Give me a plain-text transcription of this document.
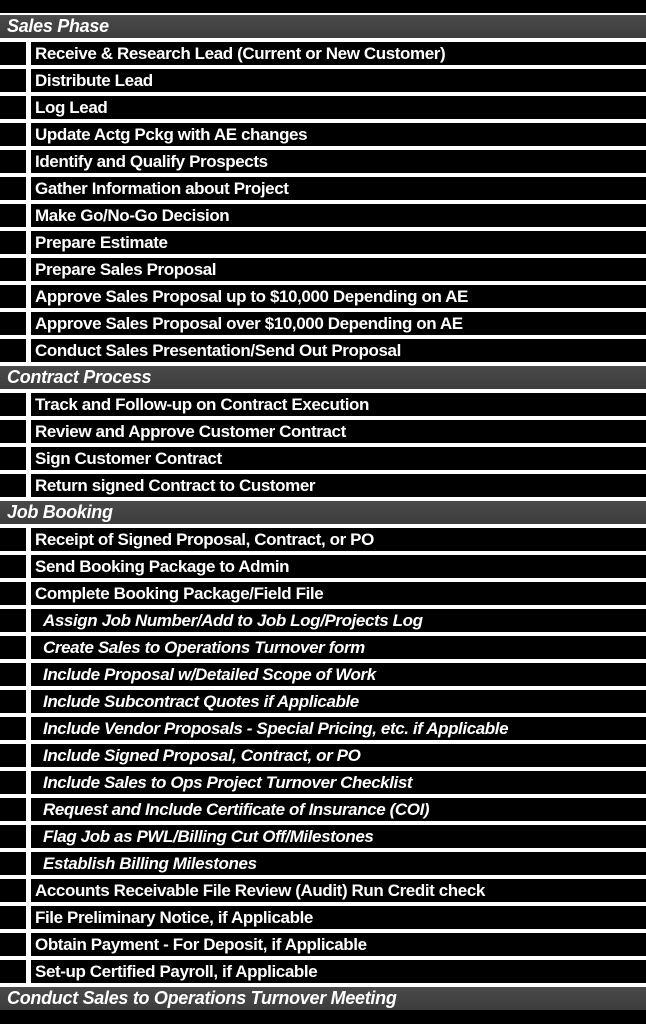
Sales Phase
Receive & Research Lead (Current or New Customer)
Distribute Lead
Log Lead
Update Actg Pckg with AE changes
Identify and Qualify Prospects
Gather Information about Project
Make Go/No-Go Decision
Prepare Estimate
Prepare Sales Proposal
Approve Sales Proposal up to $10,000 Depending on AE
Approve Sales Proposal over $10,000 Depending on AE
Conduct Sales Presentation/Send Out Proposal
Contract Process
Track and Follow-up on Contract Execution
Review and Approve Customer Contract
Sign Customer Contract
Return signed Contract to Customer
Job Booking
Receipt of Signed Proposal, Contract, or PO
Send Booking Package to Admin
Complete Booking Package/Field File
Assign Job Number/Add to Job Log/Projects Log
Create Sales to Operations Turnover form
Include Proposal w/Detailed Scope of Work
Include Subcontract Quotes if Applicable
Include Vendor Proposals - Special Pricing, etc. if Applicable
Include Signed Proposal, Contract, or PO
Include Sales to Ops Project Turnover Checklist
Request and Include Certificate of Insurance (COI)
Flag Job as PWL/Billing Cut Off/Milestones
Establish Billing Milestones
Accounts Receivable File Review (Audit) Run Credit check
File Preliminary Notice, if Applicable
Obtain Payment - For Deposit, if Applicable
Set-up Certified Payroll, if Applicable
Conduct Sales to Operations Turnover Meeting
